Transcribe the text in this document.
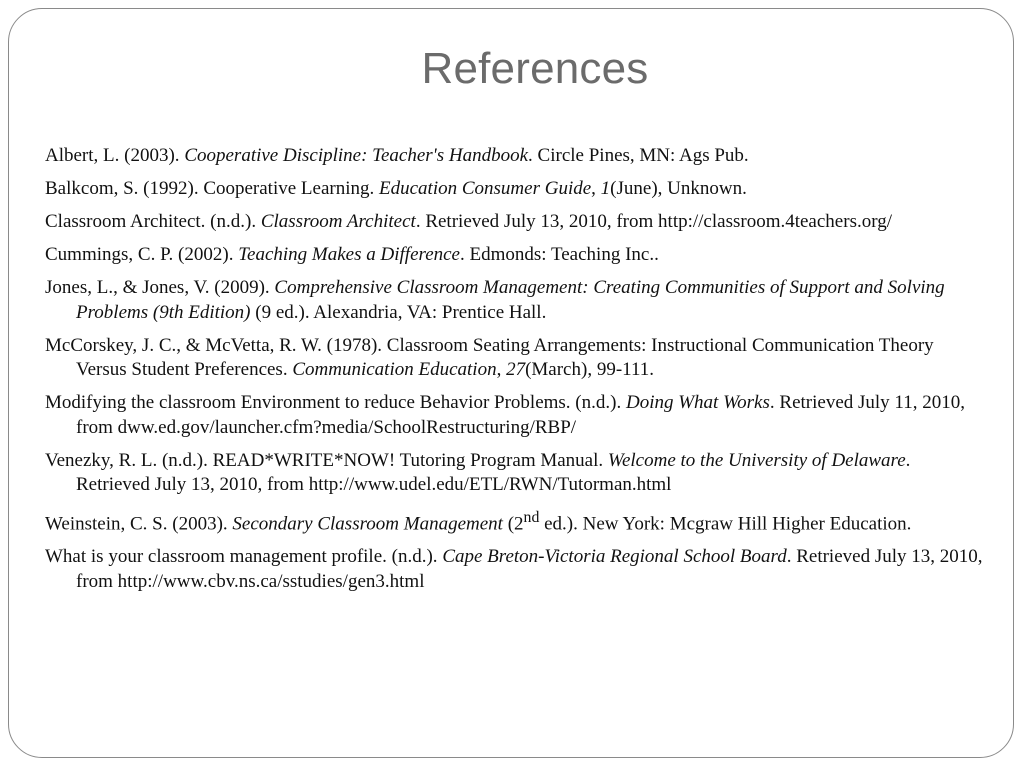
References
Albert, L. (2003). Cooperative Discipline: Teacher's Handbook. Circle Pines, MN: Ags Pub.
Balkcom, S. (1992). Cooperative Learning. Education Consumer Guide, 1(June), Unknown.
Classroom Architect. (n.d.). Classroom Architect. Retrieved July 13, 2010, from http://classroom.4teachers.org/
Cummings, C. P. (2002). Teaching Makes a Difference. Edmonds: Teaching Inc..
Jones, L., & Jones, V. (2009). Comprehensive Classroom Management: Creating Communities of Support and Solving Problems (9th Edition) (9 ed.). Alexandria, VA: Prentice Hall.
McCorskey, J. C., & McVetta, R. W. (1978). Classroom Seating Arrangements: Instructional Communication Theory Versus Student Preferences. Communication Education, 27(March), 99-111.
Modifying the classroom Environment to reduce Behavior Problems. (n.d.). Doing What Works. Retrieved July 11, 2010, from dww.ed.gov/launcher.cfm?media/SchoolRestructuring/RBP/
Venezky, R. L. (n.d.). READ*WRITE*NOW! Tutoring Program Manual. Welcome to the University of Delaware. Retrieved July 13, 2010, from http://www.udel.edu/ETL/RWN/Tutorman.html
Weinstein, C. S. (2003). Secondary Classroom Management (2nd ed.). New York: Mcgraw Hill Higher Education.
What is your classroom management profile. (n.d.). Cape Breton-Victoria Regional School Board. Retrieved July 13, 2010, from http://www.cbv.ns.ca/sstudies/gen3.html
